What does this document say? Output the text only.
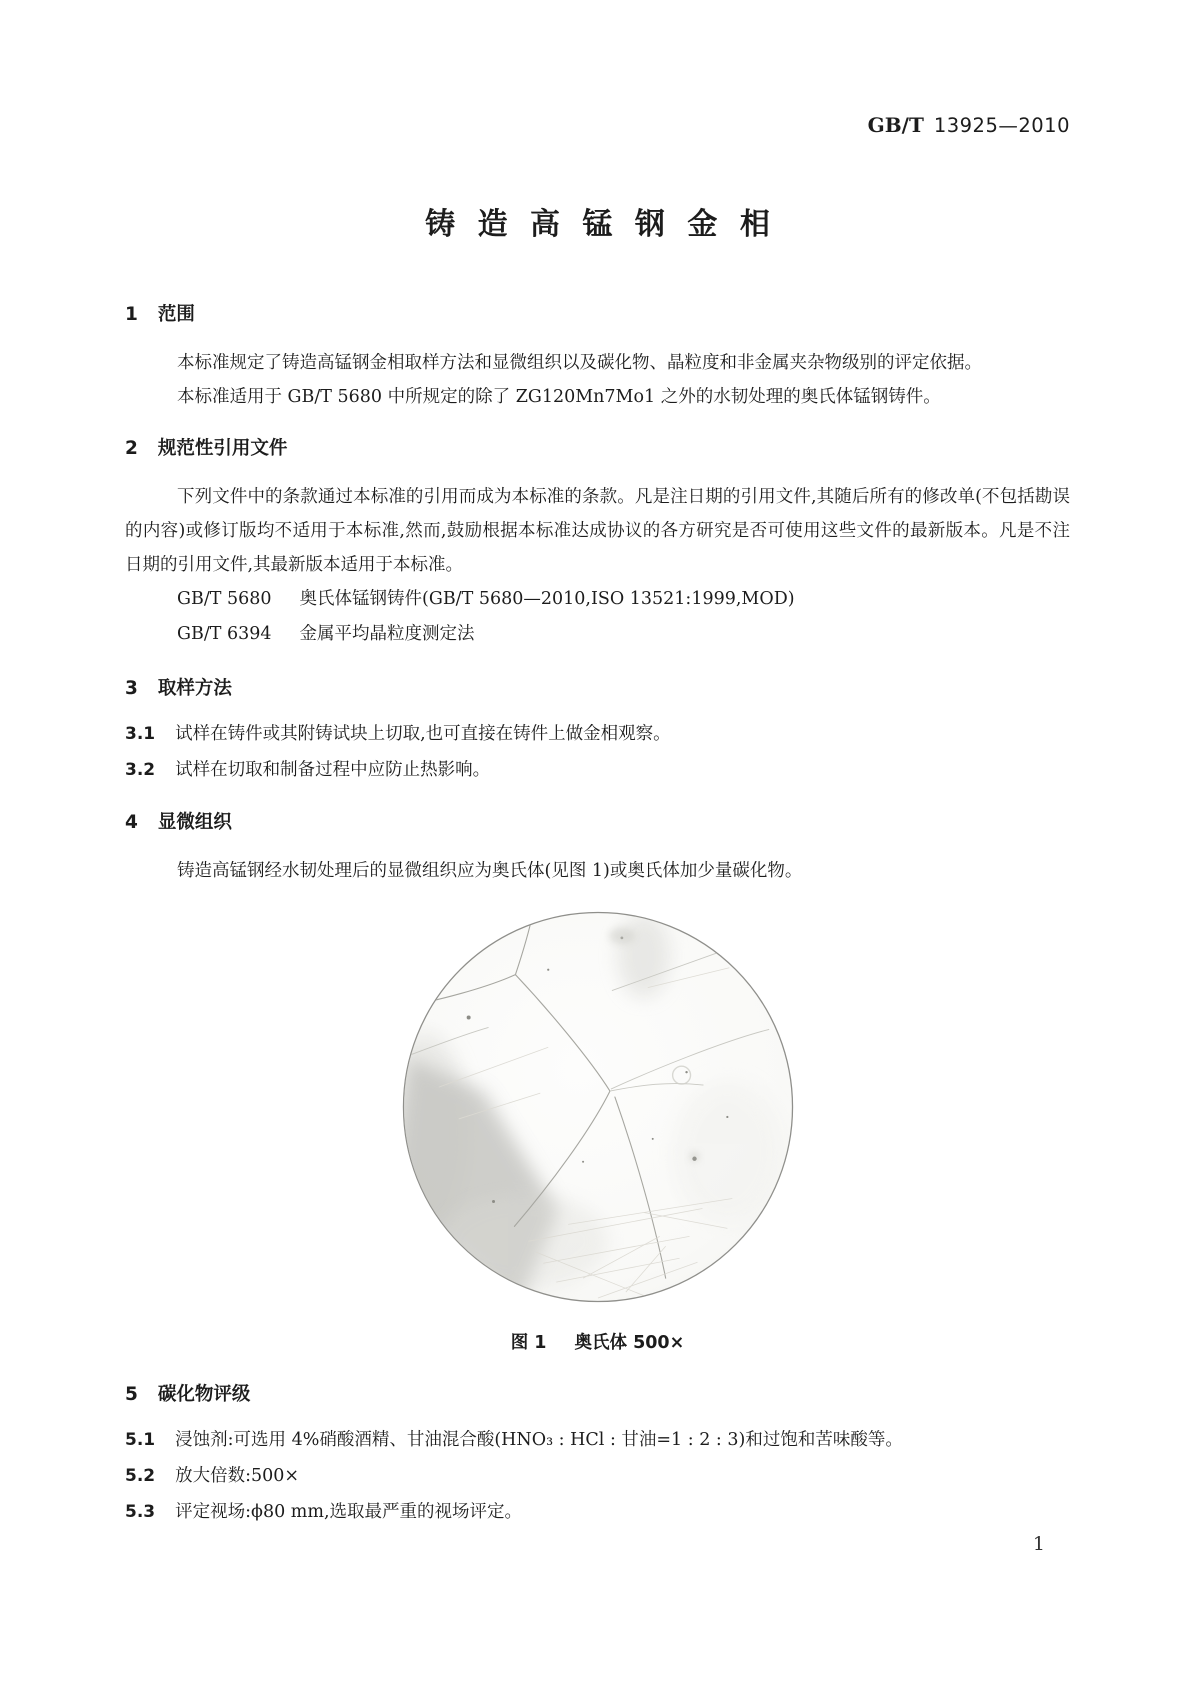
GB/T 13925—2010
铸 造 高 锰 钢 金 相
1 范围

本标准规定了铸造高锰钢金相取样方法和显微组织以及碳化物、晶粒度和非金属夹杂物级别的评定依据。

本标准适用于 GB/T 5680 中所规定的除了 ZG120Mn7Mo1 之外的水韧处理的奥氏体锰钢铸件。

2 规范性引用文件

下列文件中的条款通过本标准的引用而成为本标准的条款。凡是注日期的引用文件,其随后所有的修改单(不包括勘误的内容)或修订版均不适用于本标准,然而,鼓励根据本标准达成协议的各方研究是否可使用这些文件的最新版本。凡是不注日期的引用文件,其最新版本适用于本标准。

GB/T 5680 奥氏体锰钢铸件(GB/T 5680—2010,ISO 13521:1999,MOD)

GB/T 6394 金属平均晶粒度测定法

3 取样方法

3.1 试样在铸件或其附铸试块上切取,也可直接在铸件上做金相观察。

3.2 试样在切取和制备过程中应防止热影响。

4 显微组织

铸造高锰钢经水韧处理后的显微组织应为奥氏体(见图 1)或奥氏体加少量碳化物。

图 1 奥氏体 500×
5 碳化物评级

5.1 浸蚀剂:可选用 4%硝酸酒精、甘油混合酸(HNO₃ : HCl : 甘油=1 : 2 : 3)和过饱和苦味酸等。

5.2 放大倍数:500×

5.3 评定视场:ϕ80 mm,选取最严重的视场评定。

1
